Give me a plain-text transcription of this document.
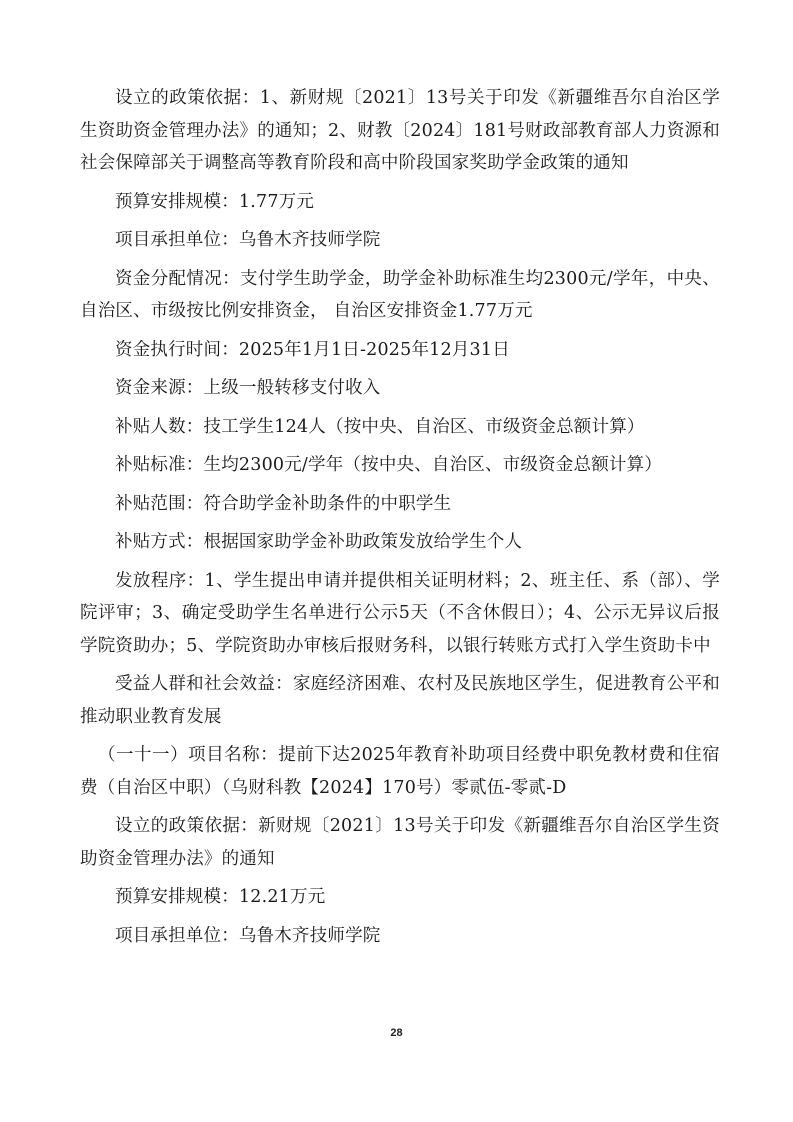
设立的政策依据：1、新财规〔2021〕13号关于印发《新疆维吾尔自治区学生资助资金管理办法》的通知；2、财教〔2024〕181号财政部教育部人力资源和社会保障部关于调整高等教育阶段和高中阶段国家奖助学金政策的通知

预算安排规模：1.77万元

项目承担单位：乌鲁木齐技师学院

资金分配情况：支付学生助学金，助学金补助标准生均2300元/学年，中央、自治区、市级按比例安排资金， 自治区安排资金1.77万元

资金执行时间：2025年1月1日-2025年12月31日

资金来源：上级一般转移支付收入

补贴人数：技工学生124人（按中央、自治区、市级资金总额计算）

补贴标准：生均2300元/学年（按中央、自治区、市级资金总额计算）

补贴范围：符合助学金补助条件的中职学生

补贴方式：根据国家助学金补助政策发放给学生个人

发放程序：1、学生提出申请并提供相关证明材料；2、班主任、系（部）、学院评审；3、确定受助学生名单进行公示5天（不含休假日）；4、公示无异议后报学院资助办；5、学院资助办审核后报财务科，以银行转账方式打入学生资助卡中

受益人群和社会效益：家庭经济困难、农村及民族地区学生，促进教育公平和推动职业教育发展

（一十一）项目名称：提前下达2025年教育补助项目经费中职免教材费和住宿费（自治区中职）（乌财科教【2024】170号）零贰伍-零贰-D

设立的政策依据：新财规〔2021〕13号关于印发《新疆维吾尔自治区学生资助资金管理办法》的通知

预算安排规模：12.21万元

项目承担单位：乌鲁木齐技师学院

28
